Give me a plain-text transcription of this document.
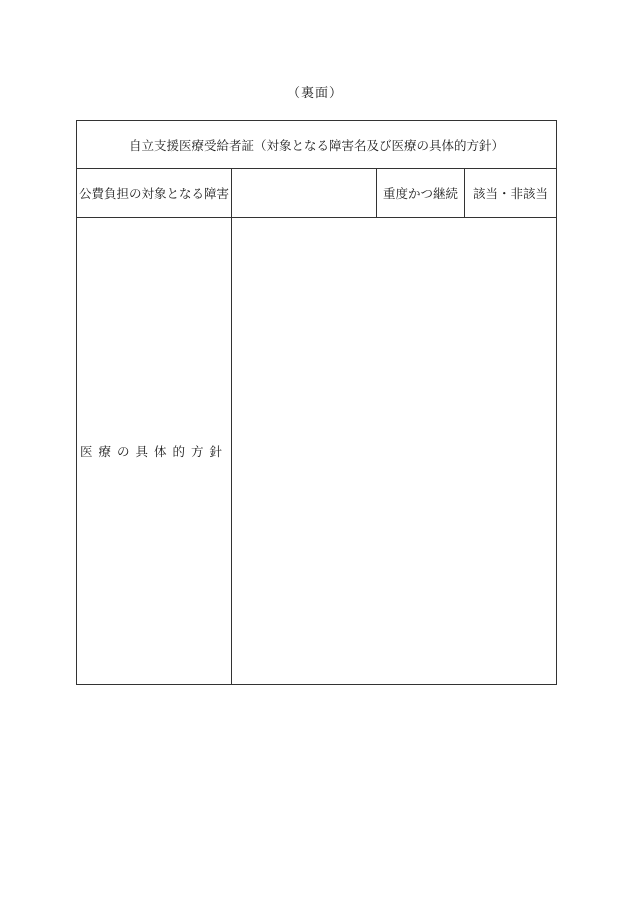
（裏面）
自立支援医療受給者証（対象となる障害名及び医療の具体的方針）
公費負担の対象となる障害	重度かつ継続	該当・非該当
医療の具体的方針
